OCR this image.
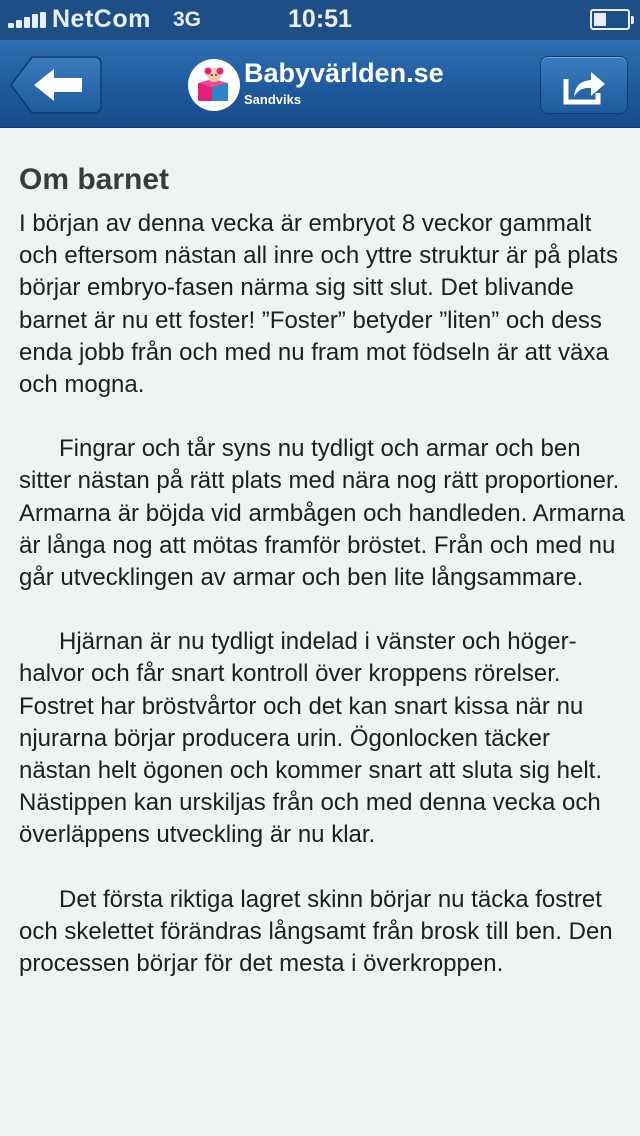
NetCom 3G	10:51
Babyvärlden.se
Sandviks
Om barnet

I början av denna vecka är embryot 8 veckor gammalt och eftersom nästan all inre och yttre struktur är på plats börjar embryo-fasen närma sig sitt slut. Det blivande barnet är nu ett foster! ”Foster” betyder ”liten” och dess enda jobb från och med nu fram mot födseln är att växa och mogna.

Fingrar och tår syns nu tydligt och armar och ben sitter nästan på rätt plats med nära nog rätt proportioner. Armarna är böjda vid armbågen och handleden. Armarna är långa nog att mötas framför bröstet. Från och med nu går utvecklingen av armar och ben lite långsammare.

Hjärnan är nu tydligt indelad i vänster och höger-halvor och får snart kontroll över kroppens rörelser. Fostret har bröstvårtor och det kan snart kissa när nu njurarna börjar producera urin. Ögonlocken täcker nästan helt ögonen och kommer snart att sluta sig helt. Nästippen kan urskiljas från och med denna vecka och överläppens utveckling är nu klar.

Det första riktiga lagret skinn börjar nu täcka fostret och skelettet förändras långsamt från brosk till ben. Den processen börjar för det mesta i överkroppen.
